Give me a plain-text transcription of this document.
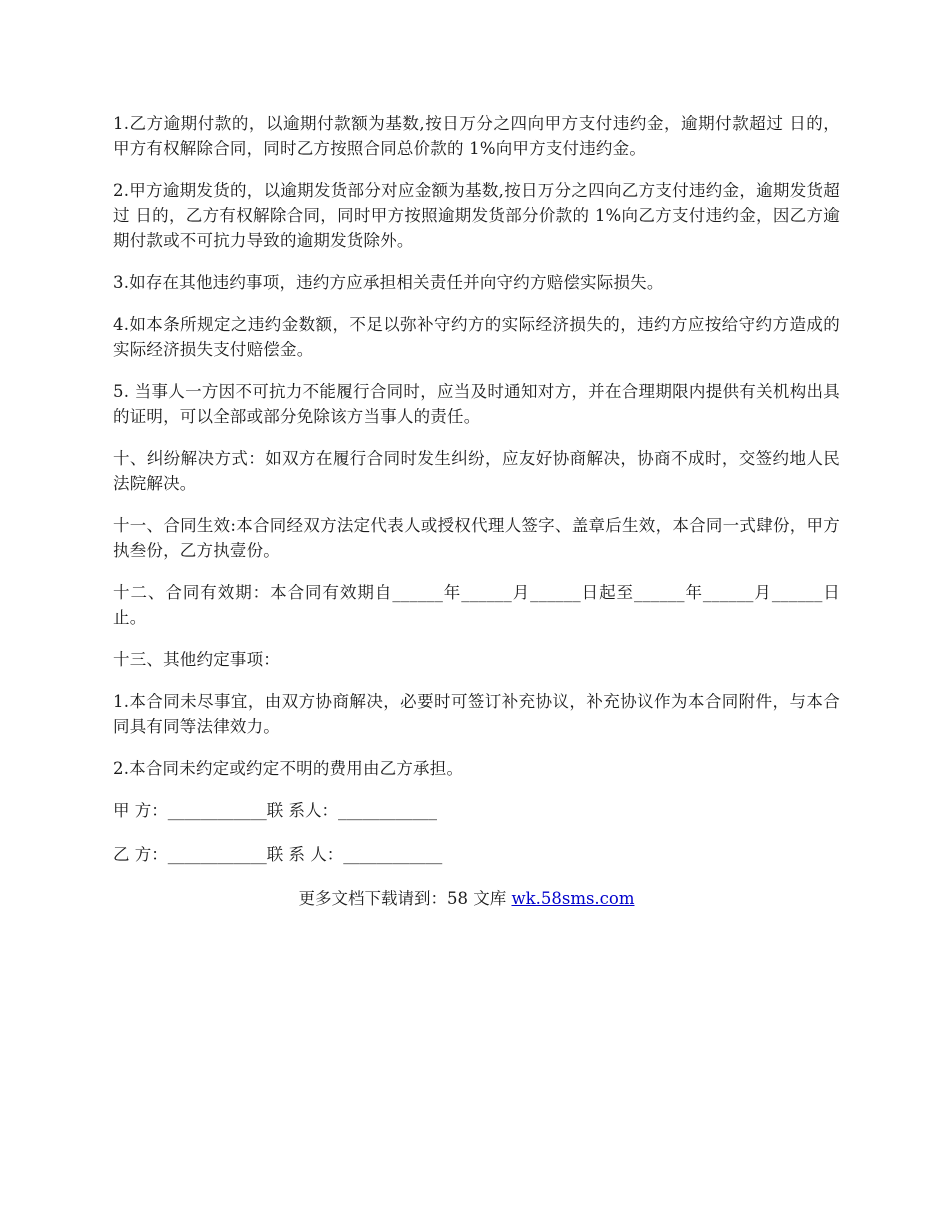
1.乙方逾期付款的，以逾期付款额为基数,按日万分之四向甲方支付违约金，逾期付款超过 日的，甲方有权解除合同，同时乙方按照合同总价款的 1%向甲方支付违约金。

2.甲方逾期发货的，以逾期发货部分对应金额为基数,按日万分之四向乙方支付违约金，逾期发货超过 日的，乙方有权解除合同，同时甲方按照逾期发货部分价款的 1%向乙方支付违约金，因乙方逾期付款或不可抗力导致的逾期发货除外。

3.如存在其他违约事项，违约方应承担相关责任并向守约方赔偿实际损失。

4.如本条所规定之违约金数额，不足以弥补守约方的实际经济损失的，违约方应按给守约方造成的实际经济损失支付赔偿金。

5. 当事人一方因不可抗力不能履行合同时，应当及时通知对方，并在合理期限内提供有关机构出具的证明，可以全部或部分免除该方当事人的责任。

十、纠纷解决方式：如双方在履行合同时发生纠纷，应友好协商解决，协商不成时，交签约地人民法院解决。

十一、合同生效:本合同经双方法定代表人或授权代理人签字、盖章后生效，本合同一式肆份，甲方执叁份，乙方执壹份。

十二、合同有效期：本合同有效期自______年______月______日起至______年______月______日止。

十三、其他约定事项：

1.本合同未尽事宜，由双方协商解决，必要时可签订补充协议，补充协议作为本合同附件，与本合同具有同等法律效力。

2.本合同未约定或约定不明的费用由乙方承担。

甲 方：____________联 系人：____________

乙 方：____________联 系 人：____________

更多文档下载请到：58 文库 wk.58sms.com
